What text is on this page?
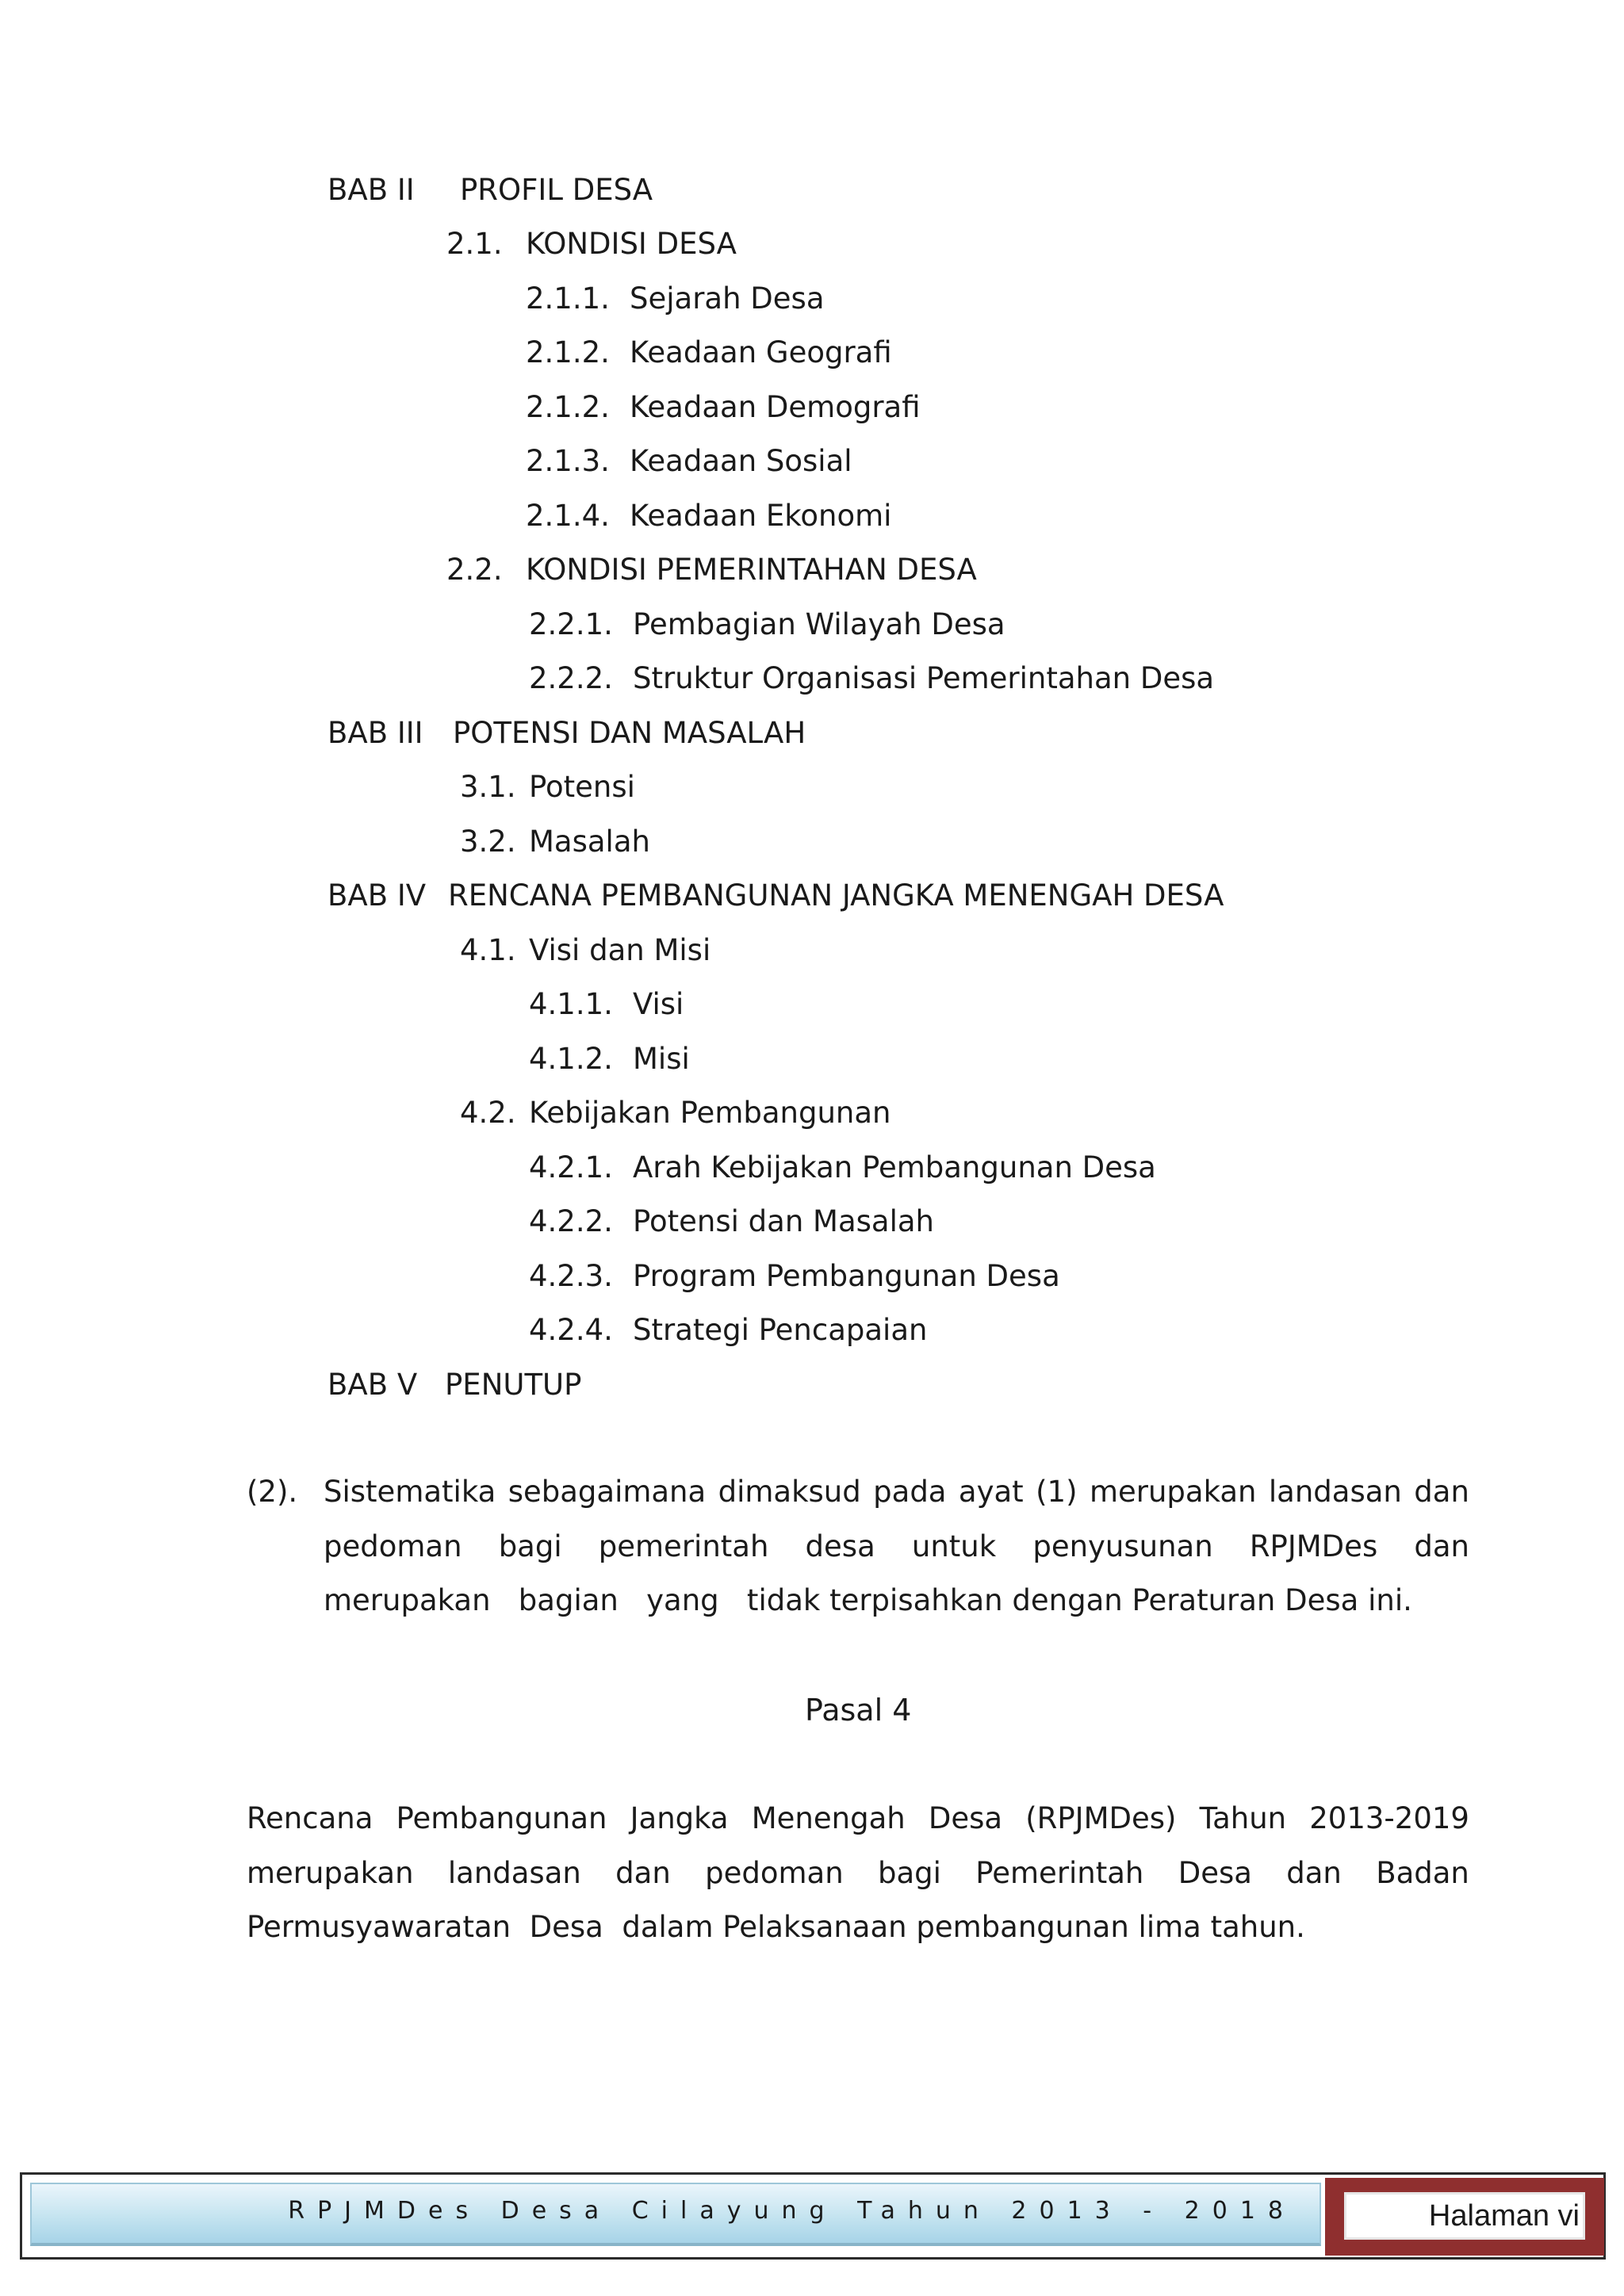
BAB II PROFIL DESA
2.1. KONDISI DESA
2.1.1. Sejarah Desa
2.1.2. Keadaan Geografi
2.1.2. Keadaan Demografi
2.1.3. Keadaan Sosial
2.1.4. Keadaan Ekonomi
2.2. KONDISI PEMERINTAHAN DESA
2.2.1. Pembagian Wilayah Desa
2.2.2. Struktur Organisasi Pemerintahan Desa
BAB III POTENSI DAN MASALAH
3.1. Potensi
3.2. Masalah
BAB IV RENCANA PEMBANGUNAN JANGKA MENENGAH DESA
4.1. Visi dan Misi
4.1.1. Visi
4.1.2. Misi
4.2. Kebijakan Pembangunan
4.2.1. Arah Kebijakan Pembangunan Desa
4.2.2. Potensi dan Masalah
4.2.3. Program Pembangunan Desa
4.2.4. Strategi Pencapaian
BAB V PENUTUP
(2). Sistematika sebagaimana dimaksud pada ayat (1) merupakan landasan dan
pedoman bagi pemerintah desa untuk penyusunan RPJMDes dan
merupakan   bagian   yang   tidak terpisahkan dengan Peraturan Desa ini.
Pasal 4
Rencana Pembangunan Jangka Menengah Desa (RPJMDes) Tahun 2013-2019
merupakan landasan dan pedoman bagi Pemerintah Desa dan Badan
Permusyawaratan  Desa  dalam Pelaksanaan pembangunan lima tahun.
RPJMDes Desa Cilayung Tahun 2013 - 2018	Halaman vi
